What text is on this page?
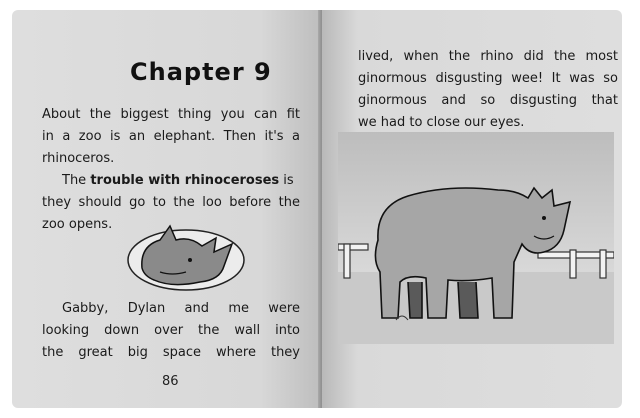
Chapter 9
About the biggest thing you can fit
in a zoo is an elephant. Then it's a
rhinoceros.
The trouble with rhinoceroses is
they should go to the loo before the
zoo opens.
Gabby, Dylan and me were
looking down over the wall into
the great big space where they
86
lived, when the rhino did the most
ginormous disgusting wee! It was so
ginormous and so disgusting that
we had to close our eyes.
